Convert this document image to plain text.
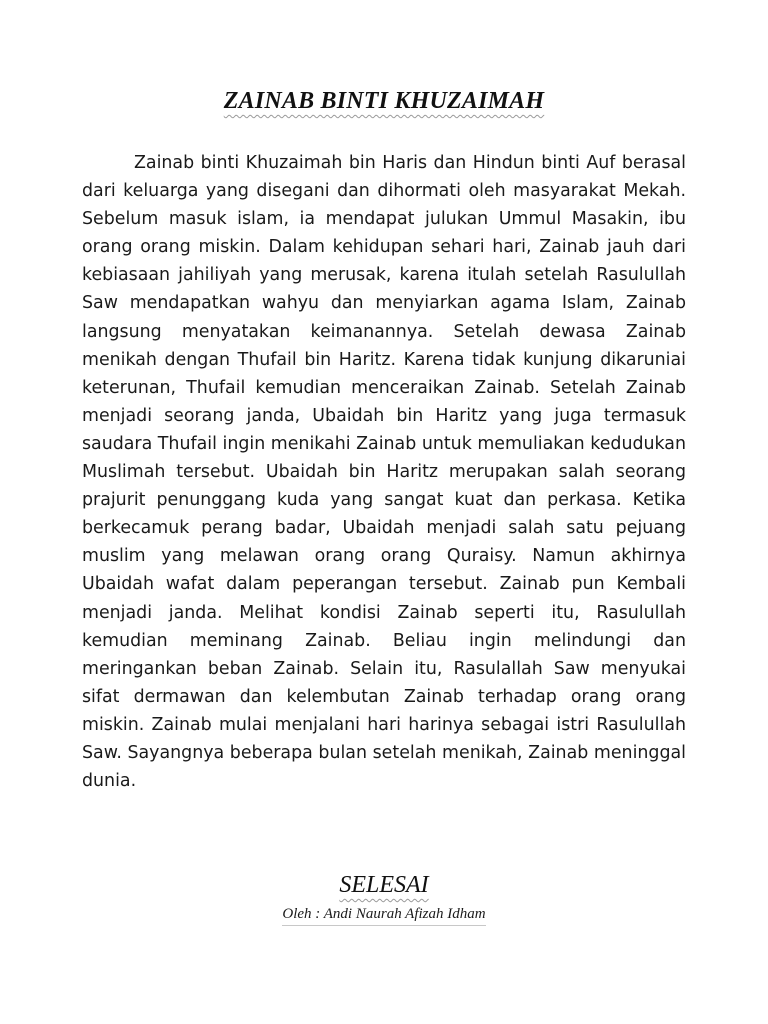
ZAINAB BINTI KHUZAIMAH

Zainab binti Khuzaimah bin Haris dan Hindun binti Auf berasal dari keluarga yang disegani dan dihormati oleh masyarakat Mekah. Sebelum masuk islam, ia mendapat julukan Ummul Masakin, ibu orang orang miskin. Dalam kehidupan sehari hari, Zainab jauh dari kebiasaan jahiliyah yang merusak, karena itulah setelah Rasulullah Saw mendapatkan wahyu dan menyiarkan agama Islam, Zainab langsung menyatakan keimanannya. Setelah dewasa Zainab menikah dengan Thufail bin Haritz. Karena tidak kunjung dikaruniai keterunan, Thufail kemudian menceraikan Zainab. Setelah Zainab menjadi seorang janda, Ubaidah bin Haritz yang juga termasuk saudara Thufail ingin menikahi Zainab untuk memuliakan kedudukan Muslimah tersebut. Ubaidah bin Haritz merupakan salah seorang prajurit penunggang kuda yang sangat kuat dan perkasa. Ketika berkecamuk perang badar, Ubaidah menjadi salah satu pejuang muslim yang melawan orang orang Quraisy. Namun akhirnya Ubaidah wafat dalam peperangan tersebut. Zainab pun Kembali menjadi janda. Melihat kondisi Zainab seperti itu, Rasulullah kemudian meminang Zainab. Beliau ingin melindungi dan meringankan beban Zainab. Selain itu, Rasulallah Saw menyukai sifat dermawan dan kelembutan Zainab terhadap orang orang miskin. Zainab mulai menjalani hari harinya sebagai istri Rasulullah Saw. Sayangnya beberapa bulan setelah menikah, Zainab meninggal dunia.

SELESAI
Oleh : Andi Naurah Afizah Idham
